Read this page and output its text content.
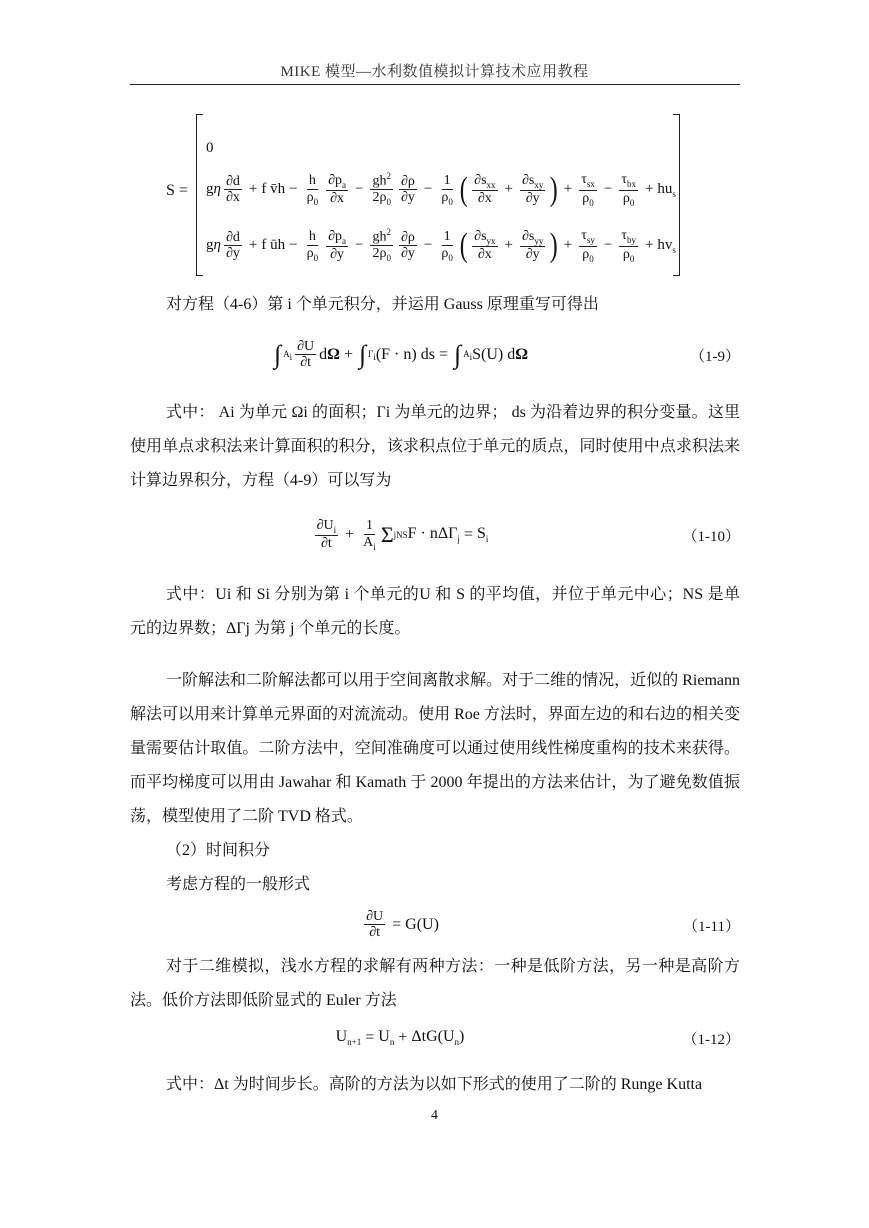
MIKE 模型—水利数值模拟计算技术应用教程
S =
0
gη $\frac{\partial d}{\partial x} + f$ v̄h − $\frac{h}{\rho_0} \frac{\partial p_a}{\partial x} - \frac{gh^2}{2\rho_0} \frac{\partial\rho}{\partial y} - \frac{1}{\rho_0}$ ( $\frac{\partial s_{xx}}{\partial x} + \frac{\partial s_{xy}}{\partial y}$ ) + $\frac{\tau_{sx}}{\rho_0} - \frac{\tau_{bx}}{\rho_0} + hu_s$
gη $\frac{\partial d}{\partial y} + f$ ūh − $\frac{h}{\rho_0} \frac{\partial p_a}{\partial y} - \frac{gh^2}{2\rho_0} \frac{\partial\rho}{\partial y} - \frac{1}{\rho_0}$ ( $\frac{\partial s_{yx}}{\partial x} + \frac{\partial s_{yy}}{\partial y}$ ) + $\frac{\tau_{sy}}{\rho_0} - \frac{\tau_{by}}{\rho_0} + hv_s$
对方程（4-6）第 i 个单元积分，并运用 Gauss 原理重写可得出
∫ $A_i \frac{\partial U}{\partial t}$ dΩ + ∫ $\Gamma_i$ (F · n) ds = ∫ $A_i$ S(U) dΩ	（1-9）
式中： Ai 为单元 Ωi 的面积；Γi 为单元的边界； ds 为沿着边界的积分变量。这里使用单点求积法来计算面积的积分，该求积点位于单元的质点，同时使用中点求积法来计算边界积分，方程（4-9）可以写为
$\frac{\partial U_i}{\partial t} + \frac{1}{A_i}$ Σ j NS $F \cdot n\Delta\Gamma_j = S_i$	（1-10）
式中：Ui 和 Si 分别为第 i 个单元的U 和 S 的平均值，并位于单元中心；NS 是单元的边界数；ΔΓj 为第 j 个单元的长度。
一阶解法和二阶解法都可以用于空间离散求解。对于二维的情况，近似的 Riemann 解法可以用来计算单元界面的对流流动。使用 Roe 方法时，界面左边的和右边的相关变量需要估计取值。二阶方法中，空间准确度可以通过使用线性梯度重构的技术来获得。而平均梯度可以用由 Jawahar 和 Kamath 于 2000 年提出的方法来估计，为了避免数值振荡，模型使用了二阶 TVD 格式。
（2）时间积分
考虑方程的一般形式
$\frac{\partial U}{\partial t} = G(U)$	（1-11）
对于二维模拟，浅水方程的求解有两种方法：一种是低阶方法，另一种是高阶方法。低价方法即低阶显式的 Euler 方法
$U_{n+1} = U_n + \Delta tG(U_n)$	（1-12）
式中：Δt 为时间步长。高阶的方法为以如下形式的使用了二阶的 Runge Kutta
4
